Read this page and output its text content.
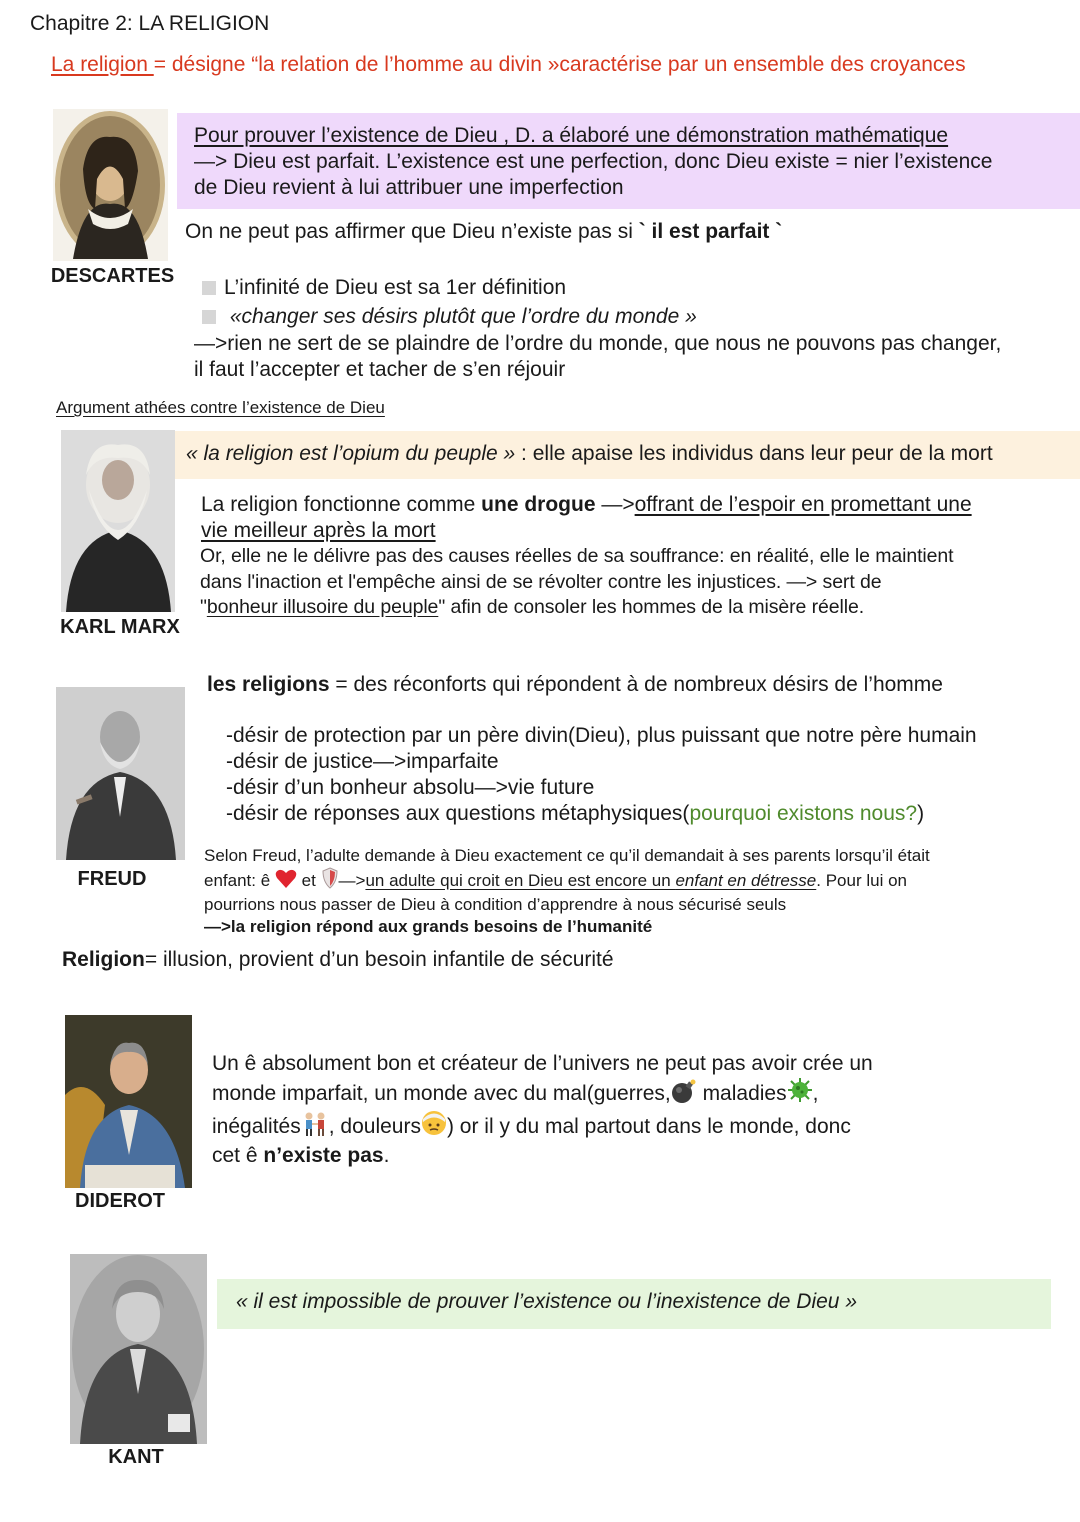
Chapitre 2: LA RELIGION
La religion = désigne “la relation de l’homme au divin »caractérise par un ensemble des croyances
DESCARTES
Pour prouver l’existence de Dieu , D. a élaboré une démonstration mathématique
—> Dieu est parfait. L’existence est une perfection, donc Dieu existe = nier l’existence
de Dieu revient à lui attribuer une imperfection
On ne peut pas affirmer que Dieu n’existe pas si ` il est parfait `
L’infinité de Dieu est sa 1er définition
«changer ses désirs plutôt que l’ordre du monde »
—>rien ne sert de se plaindre de l’ordre du monde, que nous ne pouvons pas changer,
il faut l’accepter et tacher de s’en réjouir
Argument athées contre l’existence de Dieu
KARL MARX
« la religion est l’opium du peuple » : elle apaise les individus dans leur peur de la mort
La religion fonctionne comme une drogue —>offrant de l’espoir en promettant une
vie meilleur après la mort
Or, elle ne le délivre pas des causes réelles de sa souffrance: en réalité, elle le maintient
dans l'inaction et l'empêche ainsi de se révolter contre les injustices. —> sert de
"bonheur illusoire du peuple" afin de consoler les hommes de la misère réelle.
FREUD
les religions = des réconforts qui répondent à de nombreux désirs de l’homme
-désir de protection par un père divin(Dieu), plus puissant que notre père humain
-désir de justice—>imparfaite
-désir d’un bonheur absolu—>vie future
-désir de réponses aux questions métaphysiques(pourquoi existons nous?)
Selon Freud, l’adulte demande à Dieu exactement ce qu’il demandait à ses parents lorsqu’il était
enfant: ê  et —>un adulte qui croit en Dieu est encore un enfant en détresse. Pour lui on
pourrions nous passer de Dieu à condition d’apprendre à nous sécurisé seuls
—>la religion répond aux grands besoins de l’humanité
Religion= illusion, provient d’un besoin infantile de sécurité
DIDEROT
Un ê absolument bon et créateur de l’univers ne peut pas avoir crée un
monde imparfait, un monde avec du mal(guerres, maladies ,
inégalités , douleurs ) or il y du mal partout dans le monde, donc
cet ê n’existe pas.
KANT
« il est impossible de prouver l’existence ou l’inexistence de Dieu »
